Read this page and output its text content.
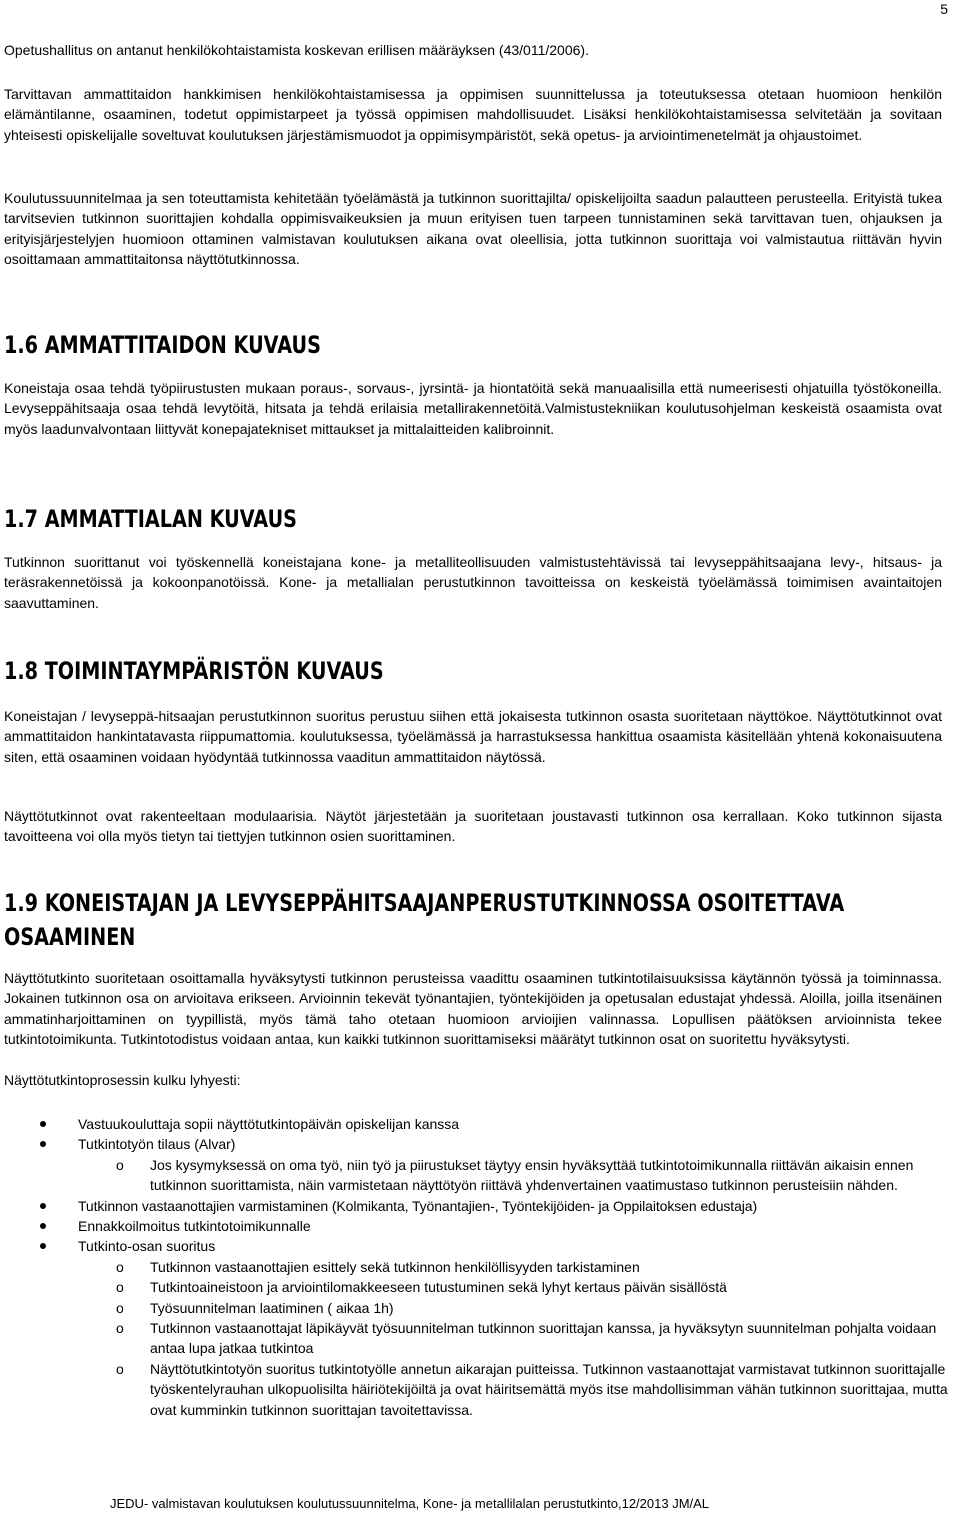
5

Opetushallitus on antanut henkilökohtaistamista koskevan erillisen määräyksen (43/011/2006).

Tarvittavan ammattitaidon hankkimisen henkilökohtaistamisessa ja oppimisen suunnittelussa ja toteutuksessa otetaan huomioon henkilön elämäntilanne, osaaminen, todetut oppimistarpeet ja työssä oppimisen mahdollisuudet. Lisäksi henkilökohtaistamisessa selvitetään ja sovitaan yhteisesti opiskelijalle soveltuvat koulutuksen järjestämismuodot ja oppimisympäristöt, sekä opetus- ja arviointimenetelmät ja ohjaustoimet.

Koulutussuunnitelmaa ja sen toteuttamista kehitetään työelämästä ja tutkinnon suorittajilta/ opiskelijoilta saadun palautteen perusteella. Erityistä tukea tarvitsevien tutkinnon suorittajien kohdalla oppimisvaikeuksien ja muun erityisen tuen tarpeen tunnistaminen sekä tarvittavan tuen, ohjauksen ja erityisjärjestelyjen huomioon ottaminen valmistavan koulutuksen aikana ovat oleellisia, jotta tutkinnon suorittaja voi valmistautua riittävän hyvin osoittamaan ammattitaitonsa näyttötutkinnossa.

1.6 AMMATTITAIDON KUVAUS

Koneistaja osaa tehdä työpiirustusten mukaan poraus-, sorvaus-, jyrsintä- ja hiontatöitä sekä manuaalisilla että numeerisesti ohjatuilla työstökoneilla. Levyseppähitsaaja osaa tehdä levytöitä, hitsata ja tehdä erilaisia metallirakennetöitä.Valmistustekniikan koulutusohjelman keskeistä osaamista ovat myös laadunvalvontaan liittyvät konepajatekniset mittaukset ja mittalaitteiden kalibroinnit.

1.7 AMMATTIALAN KUVAUS

Tutkinnon suorittanut voi työskennellä koneistajana kone- ja metalliteollisuuden valmistustehtävissä tai levyseppähitsaajana levy-, hitsaus- ja teräsrakennetöissä ja kokoonpanotöissä. Kone- ja metallialan perustutkinnon tavoitteissa on keskeistä työelämässä toimimisen avaintaitojen saavuttaminen.

1.8 TOIMINTAYMPÄRISTÖN KUVAUS

Koneistajan / levyseppä-hitsaajan perustutkinnon suoritus perustuu siihen että jokaisesta tutkinnon osasta suoritetaan näyttökoe. Näyttötutkinnot ovat ammattitaidon hankintatavasta riippumattomia. koulutuksessa, työelämässä ja harrastuksessa hankittua osaamista käsitellään yhtenä kokonaisuutena siten, että osaaminen voidaan hyödyntää tutkinnossa vaaditun ammattitaidon näytössä.

Näyttötutkinnot ovat rakenteeltaan modulaarisia. Näytöt järjestetään ja suoritetaan joustavasti tutkinnon osa kerrallaan. Koko tutkinnon sijasta tavoitteena voi olla myös tietyn tai tiettyjen tutkinnon osien suorittaminen.

1.9 KONEISTAJAN JA LEVYSEPPÄHITSAAJANPERUSTUTKINNOSSA OSOITETTAVA OSAAMINEN

Näyttötutkinto suoritetaan osoittamalla hyväksytysti tutkinnon perusteissa vaadittu osaaminen tutkintotilaisuuksissa käytännön työssä ja toiminnassa. Jokainen tutkinnon osa on arvioitava erikseen. Arvioinnin tekevät työnantajien, työntekijöiden ja opetusalan edustajat yhdessä. Aloilla, joilla itsenäinen ammatinharjoittaminen on tyypillistä, myös tämä taho otetaan huomioon arvioijien valinnassa. Lopullisen päätöksen arvioinnista tekee tutkintotoimikunta. Tutkintotodistus voidaan antaa, kun kaikki tutkinnon suorittamiseksi määrätyt tutkinnon osat on suoritettu hyväksytysti.

Näyttötutkintoprosessin kulku lyhyesti:

Vastuukouluttaja sopii näyttötutkintopäivän opiskelijan kanssa
Tutkintotyön tilaus (Alvar)
o Jos kysymyksessä on oma työ, niin työ ja piirustukset täytyy ensin hyväksyttää tutkintotoimikunnalla riittävän aikaisin ennen tutkinnon suorittamista, näin varmistetaan näyttötyön riittävä yhdenvertainen vaatimustaso tutkinnon perusteisiin nähden.
Tutkinnon vastaanottajien varmistaminen (Kolmikanta, Työnantajien-, Työntekijöiden- ja Oppilaitoksen edustaja)
Ennakkoilmoitus tutkintotoimikunnalle
Tutkinto-osan suoritus
o Tutkinnon vastaanottajien esittely sekä tutkinnon henkilöllisyyden tarkistaminen
o Tutkintoaineistoon ja arviointilomakkeeseen tutustuminen sekä lyhyt kertaus päivän sisällöstä
o Työsuunnitelman laatiminen ( aikaa 1h)
o Tutkinnon vastaanottajat läpikäyvät työsuunnitelman tutkinnon suorittajan kanssa, ja hyväksytyn suunnitelman pohjalta voidaan antaa lupa jatkaa tutkintoa
o Näyttötutkintotyön suoritus tutkintotyölle annetun aikarajan puitteissa. Tutkinnon vastaanottajat varmistavat tutkinnon suorittajalle työskentelyrauhan ulkopuolisilta häiriötekijöiltä ja ovat häiritsemättä myös itse mahdollisimman vähän tutkinnon suorittajaa, mutta ovat kumminkin tutkinnon suorittajan tavoitettavissa.
JEDU- valmistavan koulutuksen koulutussuunnitelma, Kone- ja metallilalan perustutkinto,12/2013 JM/AL
